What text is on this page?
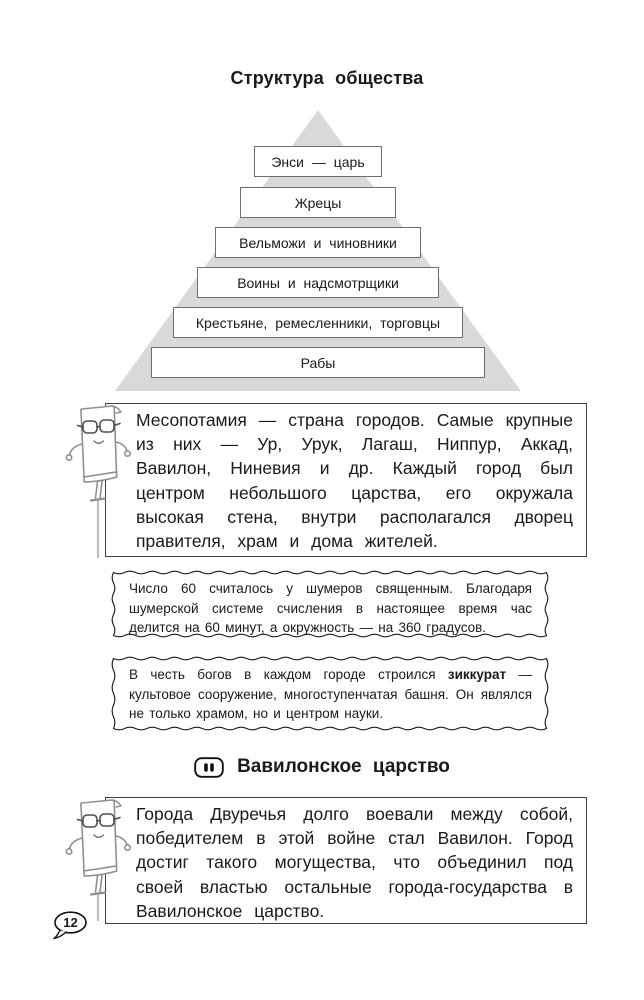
Структура общества
Энси — царь
Жрецы
Вельможи и чиновники
Воины и надсмотрщики
Крестьяне, ремесленники, торговцы
Рабы

Месопотамия — страна городов. Самые крупные из них — Ур, Урук, Лагаш, Ниппур, Аккад, Вавилон, Ниневия и др. Каждый город был центром небольшого царства, его окружала высокая стена, внутри располагался дворец правителя, храм и дома жителей.

Число 60 считалось у шумеров священным. Благодаря шумерской системе счисления в настоящее время час делится на 60 минут, а окружность — на 360 градусов.

В честь богов в каждом городе строился зиккурат — культовое сооружение, многоступенчатая башня. Он являлся не только храмом, но и центром науки.

Вавилонское царство

Города Двуречья долго воевали между собой, победителем в этой войне стал Вавилон. Город достиг такого могущества, что объединил под своей властью остальные города-государства в Вавилонское царство.

12
